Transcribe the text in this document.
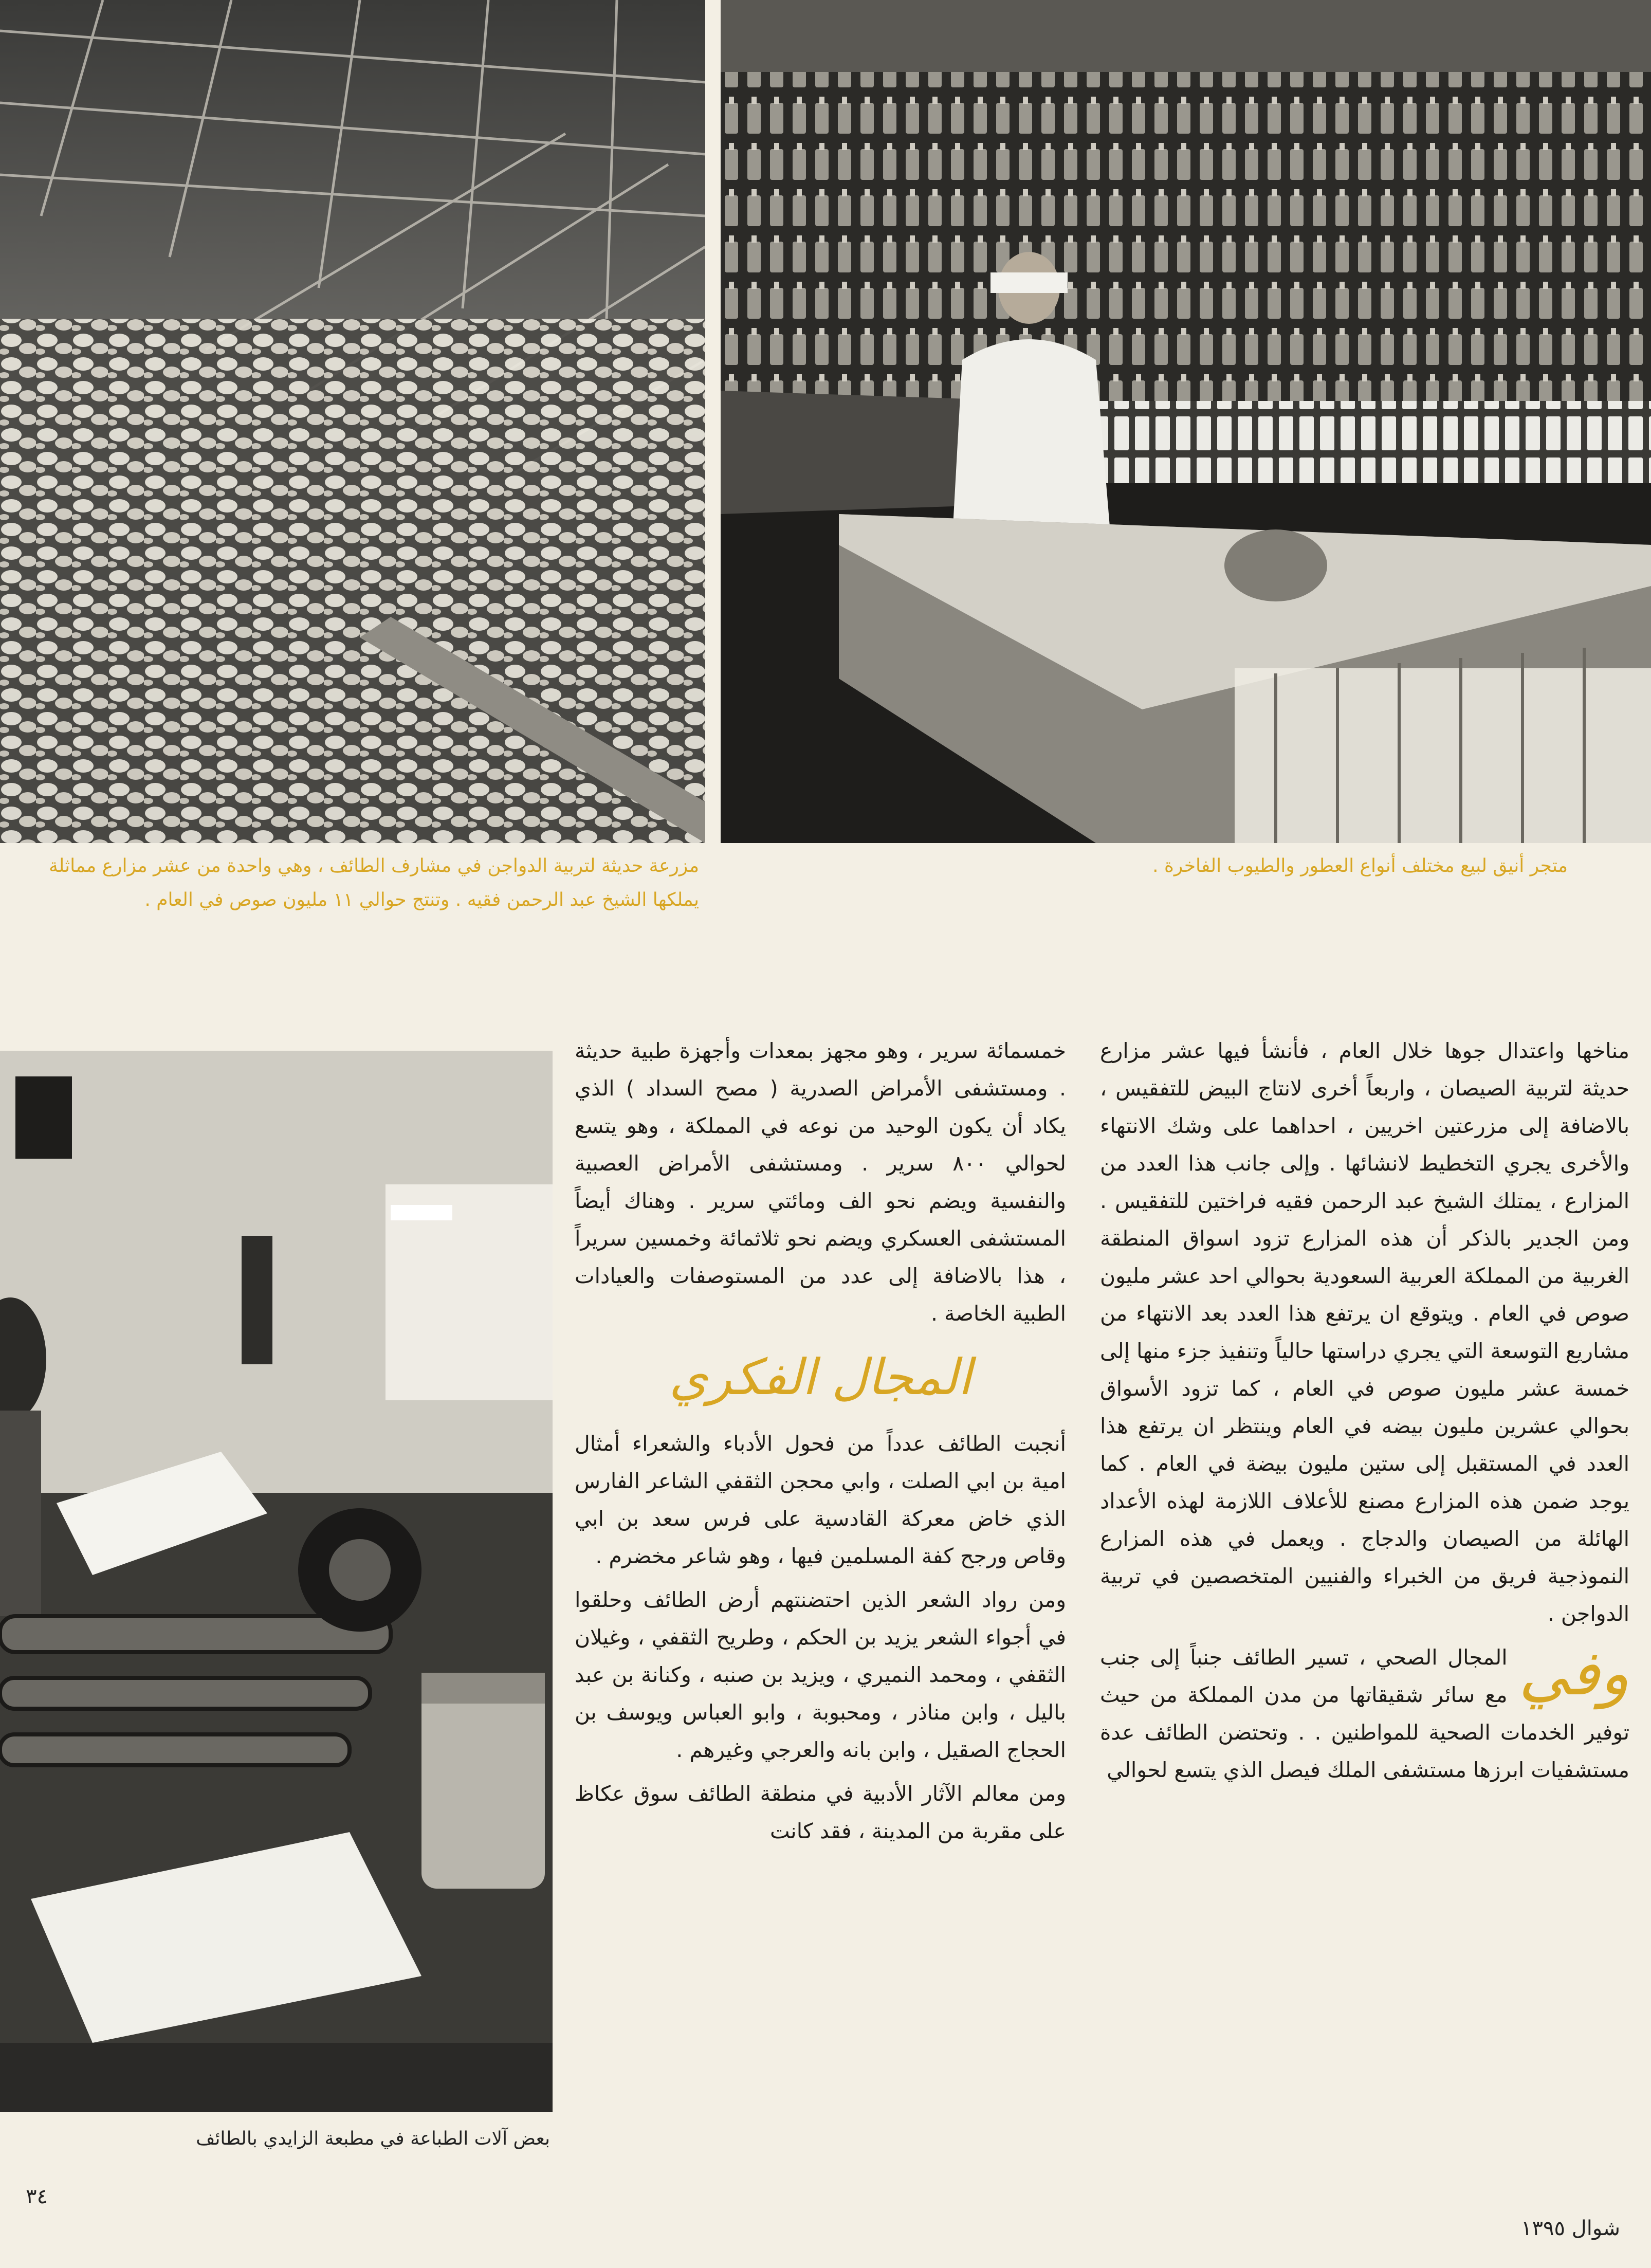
مزرعة حديثة لتربية الدواجن في مشارف الطائف ، وهي واحدة من عشر مزارع مماثلة يملكها الشيخ عبد الرحمن فقيه . وتنتج حوالي ١١ مليون صوص في العام .
متجر أنيق لبيع مختلف أنواع العطور والطيوب الفاخرة .

خمسمائة سرير ، وهو مجهز بمعدات وأجهزة طبية حديثة . ومستشفى الأمراض الصدرية ( مصح السداد ) الذي يكاد أن يكون الوحيد من نوعه في المملكة ، وهو يتسع لحوالي ٨٠٠ سرير . ومستشفى الأمراض العصبية والنفسية ويضم نحو الف ومائتي سرير . وهناك أيضاً المستشفى العسكري ويضم نحو ثلاثمائة وخمسين سريراً ، هذا بالاضافة إلى عدد من المستوصفات والعيادات الطبية الخاصة .

المجال الفكري

أنجبت الطائف عدداً من فحول الأدباء والشعراء أمثال امية بن ابي الصلت ، وابي محجن الثقفي الشاعر الفارس الذي خاض معركة القادسية على فرس سعد بن ابي وقاص ورجح كفة المسلمين فيها ، وهو شاعر مخضرم .

ومن رواد الشعر الذين احتضنتهم أرض الطائف وحلقوا في أجواء الشعر يزيد بن الحكم ، وطريح الثقفي ، وغيلان الثقفي ، ومحمد النميري ، ويزيد بن صنبه ، وكنانة بن عبد باليل ، وابن مناذر ، ومحبوبة ، وابو العباس ويوسف بن الحجاج الصقيل ، وابن بانه والعرجي وغيرهم .

ومن معالم الآثار الأدبية في منطقة الطائف سوق عكاظ على مقربة من المدينة ، فقد كانت

مناخها واعتدال جوها خلال العام ، فأنشأ فيها عشر مزارع حديثة لتربية الصيصان ، واربعاً أخرى لانتاج البيض للتفقيس ، بالاضافة إلى مزرعتين اخريين ، احداهما على وشك الانتهاء والأخرى يجري التخطيط لانشائها . وإلى جانب هذا العدد من المزارع ، يمتلك الشيخ عبد الرحمن فقيه فراختين للتفقيس . ومن الجدير بالذكر أن هذه المزارع تزود اسواق المنطقة الغربية من المملكة العربية السعودية بحوالي احد عشر مليون صوص في العام . ويتوقع ان يرتفع هذا العدد بعد الانتهاء من مشاريع التوسعة التي يجري دراستها حالياً وتنفيذ جزء منها إلى خمسة عشر مليون صوص في العام ، كما تزود الأسواق بحوالي عشرين مليون بيضه في العام وينتظر ان يرتفع هذا العدد في المستقبل إلى ستين مليون بيضة في العام . كما يوجد ضمن هذه المزارع مصنع للأعلاف اللازمة لهذه الأعداد الهائلة من الصيصان والدجاج . ويعمل في هذه المزارع النموذجية فريق من الخبراء والفنيين المتخصصين في تربية الدواجن .

وفي
المجال الصحي ، تسير الطائف جنباً إلى جنب مع سائر شقيقاتها من مدن المملكة من حيث توفير الخدمات الصحية للمواطنين . . وتحتضن الطائف عدة مستشفيات ابرزها مستشفى الملك فيصل الذي يتسع لحوالي

بعض آلات الطباعة في مطبعة الزايدي بالطائف
٣٤
شوال ١٣٩٥
